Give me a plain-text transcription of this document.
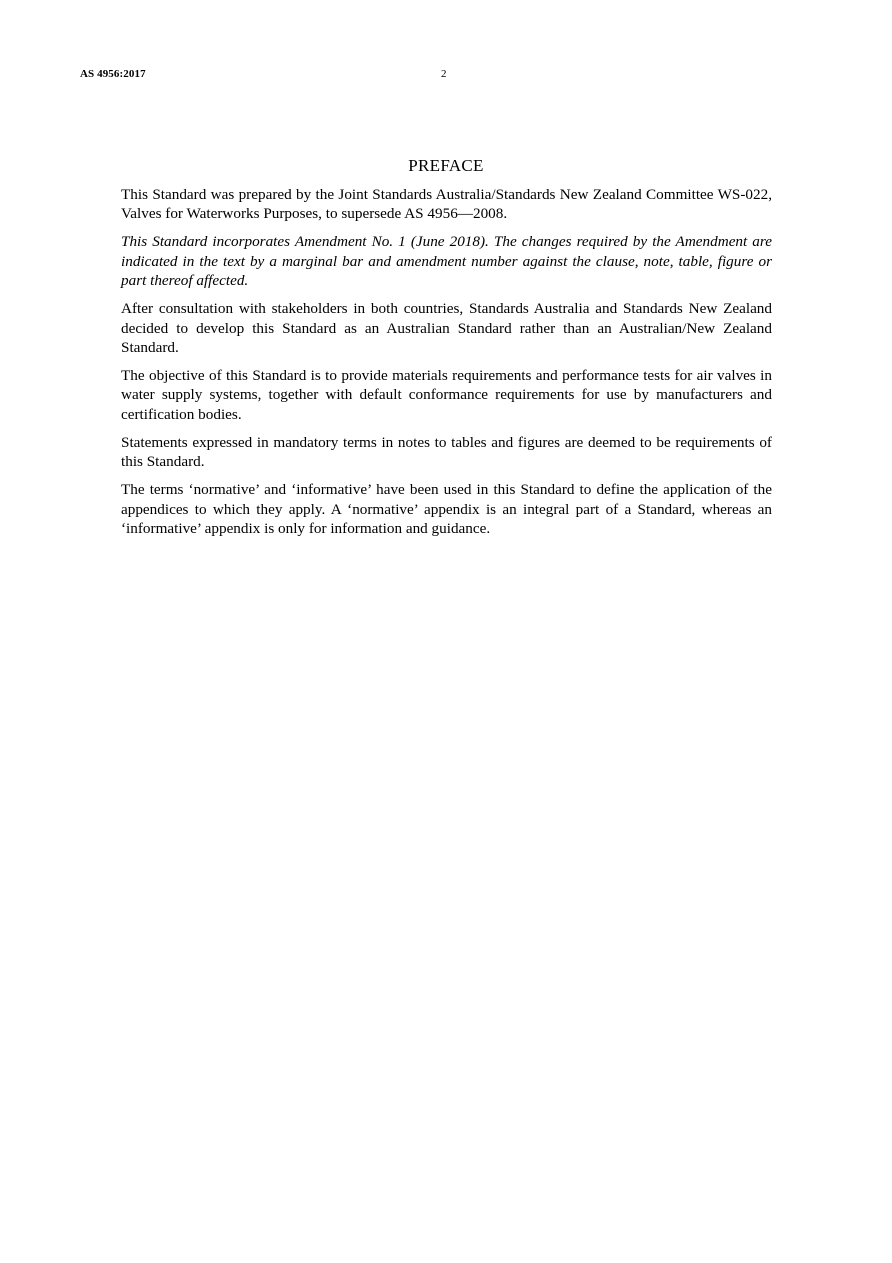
AS 4956:2017	2
PREFACE

This Standard was prepared by the Joint Standards Australia/Standards New Zealand Committee WS-022, Valves for Waterworks Purposes, to supersede AS 4956—2008.

This Standard incorporates Amendment No. 1 (June 2018). The changes required by the Amendment are indicated in the text by a marginal bar and amendment number against the clause, note, table, figure or part thereof affected.

After consultation with stakeholders in both countries, Standards Australia and Standards New Zealand decided to develop this Standard as an Australian Standard rather than an Australian/New Zealand Standard.

The objective of this Standard is to provide materials requirements and performance tests for air valves in water supply systems, together with default conformance requirements for use by manufacturers and certification bodies.

Statements expressed in mandatory terms in notes to tables and figures are deemed to be requirements of this Standard.

The terms ‘normative’ and ‘informative’ have been used in this Standard to define the application of the appendices to which they apply. A ‘normative’ appendix is an integral part of a Standard, whereas an ‘informative’ appendix is only for information and guidance.
